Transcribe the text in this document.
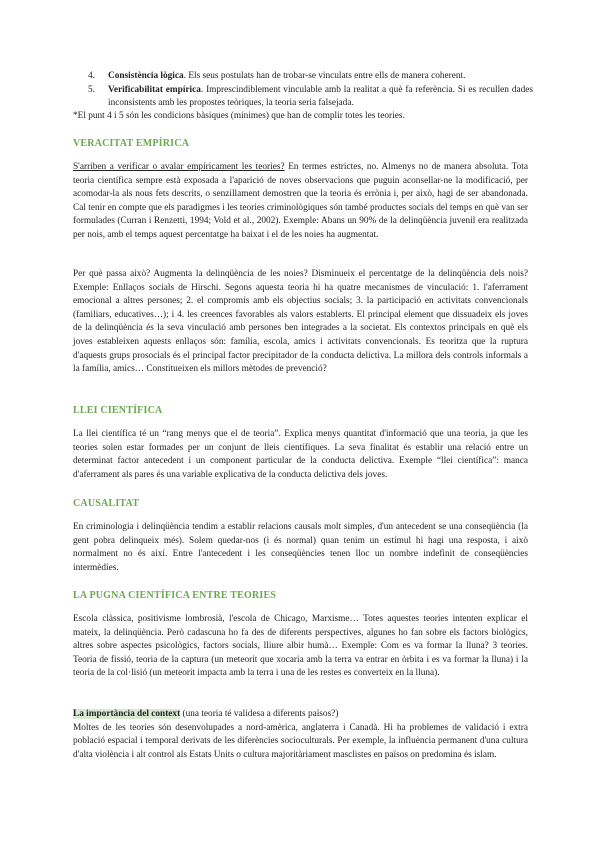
4. Consistència lògica. Els seus postulats han de trobar-se vinculats entre ells de manera coherent.
5. Verificabilitat empírica. Imprescindiblement vinculable amb la realitat a què fa referència. Si es recullen dades inconsistents amb les propostes teòriques, la teoria seria falsejada.
*El punt 4 i 5 són les condicions bàsiques (mínimes) que han de complir totes les teories.
VERACITAT EMPÍRICA

S'arriben a verificar o avalar empíricament les teories? En termes estrictes, no. Almenys no de manera absoluta. Tota teoria científica sempre està exposada a l'aparició de noves observacions que puguin aconsellar-ne la modificació, per acomodar-la als nous fets descrits, o senzillament demostren que la teoria és errònia i, per això, hagi de ser abandonada. Cal tenir en compte que els paradigmes i les teories criminològiques són també productes socials del temps en què van ser formulades (Curran i Renzetti, 1994; Vold et al., 2002). Exemple: Abans un 90% de la delinqüència juvenil era realitzada per nois, amb el temps aquest percentatge ha baixat i el de les noies ha augmentat.

Per què passa això? Augmenta la delinqüència de les noies? Disminueix el percentatge de la delinqüència dels nois? Exemple: Enllaços socials de Hirschi. Segons aquesta teoria hi ha quatre mecanismes de vinculació: 1. l'aferrament emocional a altres persones; 2. el compromís amb els objectius socials; 3. la participació en activitats convencionals (familiars, educatives…); i 4. les creences favorables als valors establerts. El principal element que dissuadeix els joves de la delinqüència és la seva vinculació amb persones ben integrades a la societat. Els contextos principals en què els joves estableixen aquests enllaços són: família, escola, amics i activitats convencionals. Es teoritza que la ruptura d'aquests grups prosocials és el principal factor precipitador de la conducta delictiva. La millora dels controls informals a la família, amics… Constitueixen els millors mètodes de prevenció?

LLEI CIENTÍFICA

La llei científica té un “rang menys que el de teoria”. Explica menys quantitat d'informació que una teoria, ja que les teories solen estar formades per un conjunt de lleis científiques. La seva finalitat és establir una relació entre un determinat factor antecedent i un component particular de la conducta delictiva. Exemple “llei científica”: manca d'aferrament als pares és una variable explicativa de la conducta delictiva dels joves.

CAUSALITAT

En criminologia i delinqüència tendim a establir relacions causals molt simples, d'un antecedent se una conseqüència (la gent pobra delinqueix més). Solem quedar-nos (i és normal) quan tenim un estímul hi hagi una resposta, i això normalment no és així. Entre l'antecedent i les conseqüències tenen lloc un nombre indefinit de conseqüències intermèdies.

LA PUGNA CIENTÍFICA ENTRE TEORIES

Escola clàssica, positivisme lombrosià, l'escola de Chicago, Marxisme… Totes aquestes teories intenten explicar el mateix, la delinqüència. Però cadascuna ho fa des de diferents perspectives, algunes ho fan sobre els factors biològics, altres sobre aspectes psicològics, factors socials, lliure albir humà… Exemple: Com es va formar la lluna? 3 teories. Teoria de fissió, teoria de la captura (un meteorit que xocaria amb la terra va entrar en òrbita i es va formar la lluna) i la teoria de la col·lisió (un meteorit impacta amb la terra i una de les restes es converteix en la lluna).

La importància del context (una teoria té validesa a diferents països?)
Moltes de les teories són desenvolupades a nord-amèrica, anglaterra i Canadà. Hi ha problemes de validació i extra població espacial i temporal derivats de les diferències socioculturals. Per exemple, la influència permanent d'una cultura d'alta violència i alt control als Estats Units o cultura majoritàriament masclistes en països on predomina és islam.
